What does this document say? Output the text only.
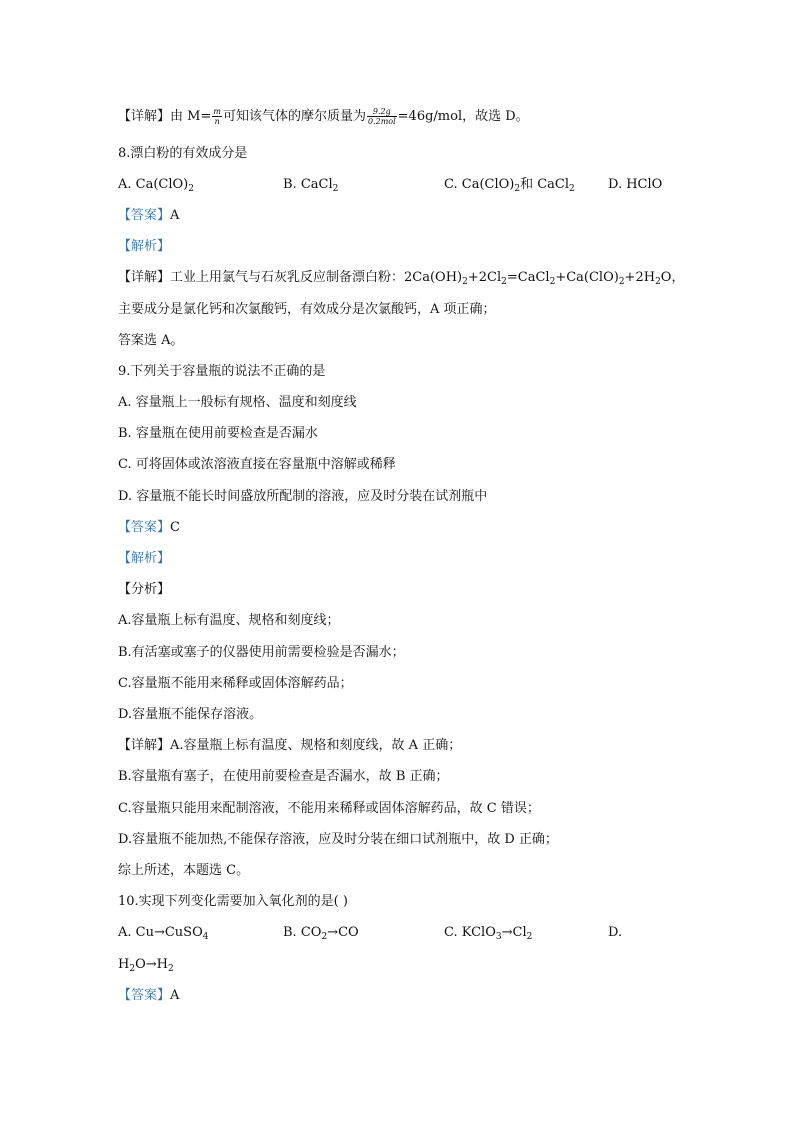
【详解】由 $M= \frac{m}{n}$ 可知该气体的摩尔质量为 $\frac{9.2g}{\text{0.2mol}} =46g/mol$，故选 D。
8.漂白粉的有效成分是
A. $Ca(ClO)_2$	B. CaCl$_2$	C. $Ca(ClO)_2$和 CaCl$_2$	D. HClO
【答案】A
【解析】
【详解】工业上用氯气与石灰乳反应制备漂白粉：$2Ca(OH)_2+2Cl_2=CaCl_2+Ca(ClO)_2+2H_2O$，
主要成分是氯化钙和次氯酸钙，有效成分是次氯酸钙，A 项正确；
答案选 A。
9.下列关于容量瓶的说法不正确的是
A. 容量瓶上一般标有规格、温度和刻度线
B. 容量瓶在使用前要检查是否漏水
C. 可将固体或浓溶液直接在容量瓶中溶解或稀释
D. 容量瓶不能长时间盛放所配制的溶液，应及时分装在试剂瓶中
【答案】C
【解析】
【分析】
A.容量瓶上标有温度、规格和刻度线；
B.有活塞或塞子的仪器使用前需要检验是否漏水；
C.容量瓶不能用来稀释或固体溶解药品；
D.容量瓶不能保存溶液。
【详解】A.容量瓶上标有温度、规格和刻度线，故 A 正确；
B.容量瓶有塞子，在使用前要检查是否漏水，故 B 正确；
C.容量瓶只能用来配制溶液，不能用来稀释或固体溶解药品，故 C 错误；
D.容量瓶不能加热,不能保存溶液，应及时分装在细口试剂瓶中，故 D 正确；
综上所述，本题选 C。
10.实现下列变化需要加入氧化剂的是( )
A. Cu→CuSO$_4$	B. $CO_2\to CO$	C. $KClO_3\to Cl_2$	D.
$H_2O\to H_2$
【答案】A
